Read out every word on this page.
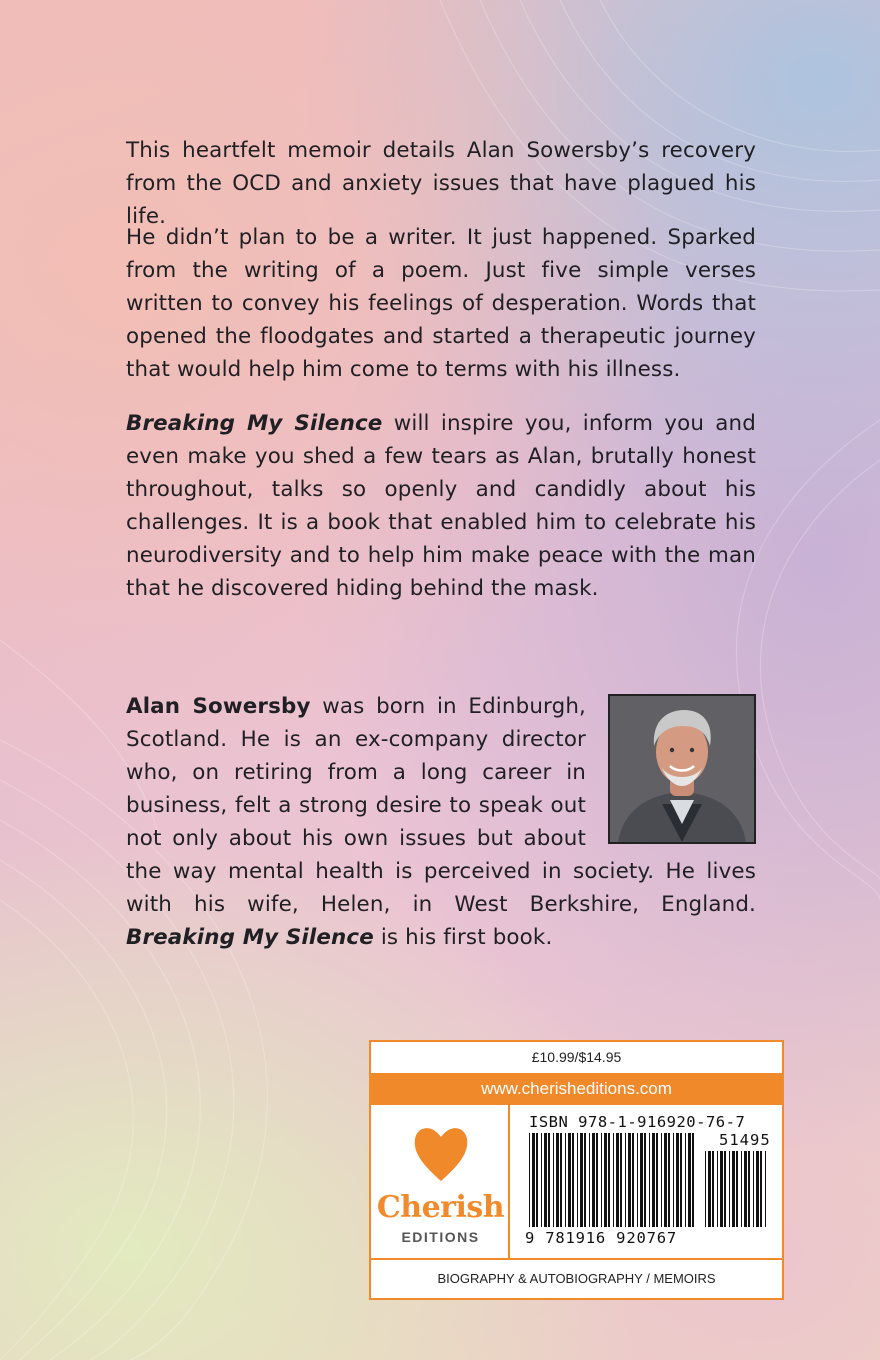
This heartfelt memoir details Alan Sowersby’s recovery from the OCD and anxiety issues that have plagued his life.

He didn’t plan to be a writer. It just happened. Sparked from the writing of a poem. Just five simple verses written to convey his feelings of desperation. Words that opened the floodgates and started a therapeutic journey that would help him come to terms with his illness.

Breaking My Silence will inspire you, inform you and even make you shed a few tears as Alan, brutally honest throughout, talks so openly and candidly about his challenges. It is a book that enabled him to celebrate his neurodiversity and to help him make peace with the man that he discovered hiding behind the mask.

Alan Sowersby was born in Edinburgh, Scotland. He is an ex-company director who, on retiring from a long career in business, felt a strong desire to speak out not only about his own issues but about the way mental health is perceived in society. He lives with his wife, Helen, in West Berkshire, England. Breaking My Silence is his first book.
£10.99/$14.95
www.cherisheditions.com
Cherish
EDITIONS
ISBN 978-1-916920-76-7
51495
9 781916 920767
BIOGRAPHY & AUTOBIOGRAPHY / MEMOIRS
